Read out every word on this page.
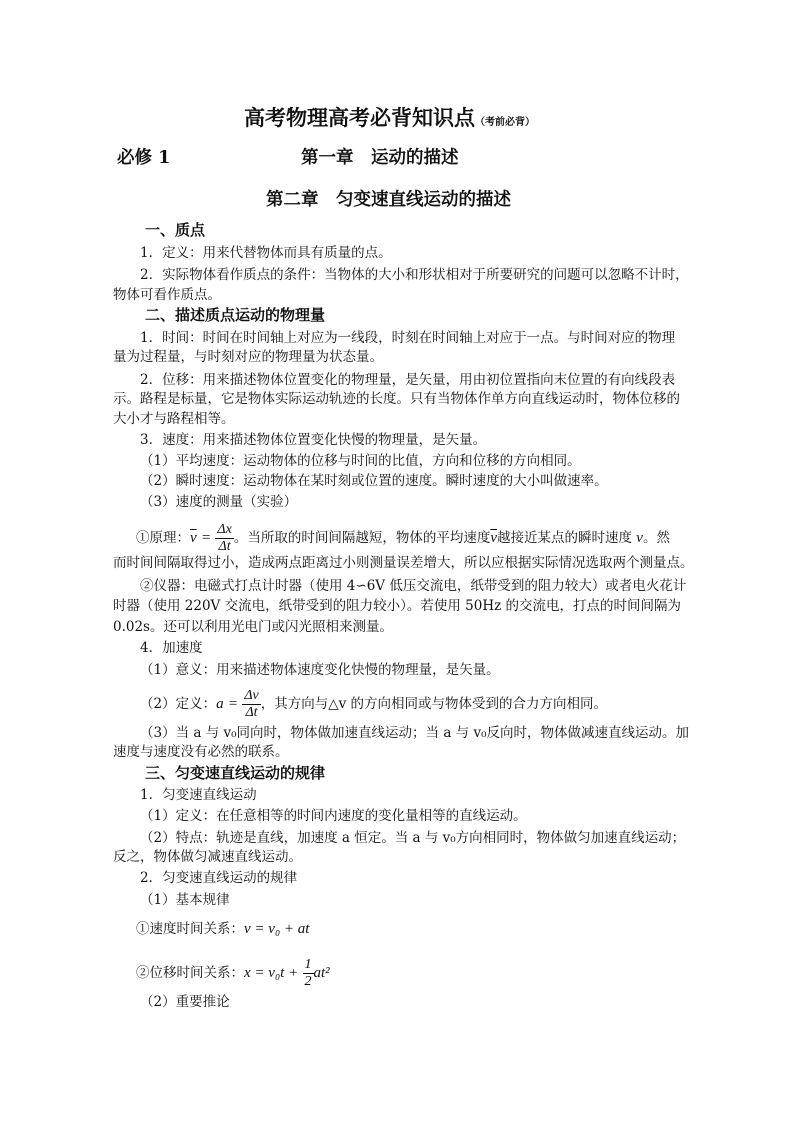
高考物理高考必背知识点（考前必背）
必修 1	第一章　运动的描述
第二章　匀变速直线运动的描述
一、质点
1．定义：用来代替物体而具有质量的点。
2．实际物体看作质点的条件：当物体的大小和形状相对于所要研究的问题可以忽略不计时，
物体可看作质点。
二、描述质点运动的物理量
1．时间：时间在时间轴上对应为一线段，时刻在时间轴上对应于一点。与时间对应的物理
量为过程量，与时刻对应的物理量为状态量。
2．位移：用来描述物体位置变化的物理量，是矢量，用由初位置指向末位置的有向线段表
示。路程是标量，它是物体实际运动轨迹的长度。只有当物体作单方向直线运动时，物体位移的
大小才与路程相等。
3．速度：用来描述物体位置变化快慢的物理量，是矢量。
（1）平均速度：运动物体的位移与时间的比值，方向和位移的方向相同。
（2）瞬时速度：运动物体在某时刻或位置的速度。瞬时速度的大小叫做速率。
（3）速度的测量（实验）
①原理：$\overline{v} = \frac{\Delta x}{\Delta t}$ 。当所取的时间间隔越短，物体的平均速度$\overline{v}$越接近某点的瞬时速度 v。然
而时间间隔取得过小，造成两点距离过小则测量误差增大，所以应根据实际情况选取两个测量点。
②仪器：电磁式打点计时器（使用 4∽6V 低压交流电，纸带受到的阻力较大）或者电火花计
时器（使用 220V 交流电，纸带受到的阻力较小）。若使用 50Hz 的交流电，打点的时间间隔为
0.02s。还可以利用光电门或闪光照相来测量。
4．加速度
（1）意义：用来描述物体速度变化快慢的物理量，是矢量。
（2）定义：$a = \frac{\Delta v}{\Delta t}$ ，其方向与△v 的方向相同或与物体受到的合力方向相同。
（3）当 a 与 v₀同向时，物体做加速直线运动；当 a 与 v₀反向时，物体做减速直线运动。加
速度与速度没有必然的联系。
三、匀变速直线运动的规律
1．匀变速直线运动
（1）定义：在任意相等的时间内速度的变化量相等的直线运动。
（2）特点：轨迹是直线，加速度 a 恒定。当 a 与 v₀方向相同时，物体做匀加速直线运动；
反之，物体做匀减速直线运动。
2．匀变速直线运动的规律
（1）基本规律
①速度时间关系：v = v₀ + at
②位移时间关系：$x = v_0t + \frac{1}{2} at^2$
（2）重要推论
